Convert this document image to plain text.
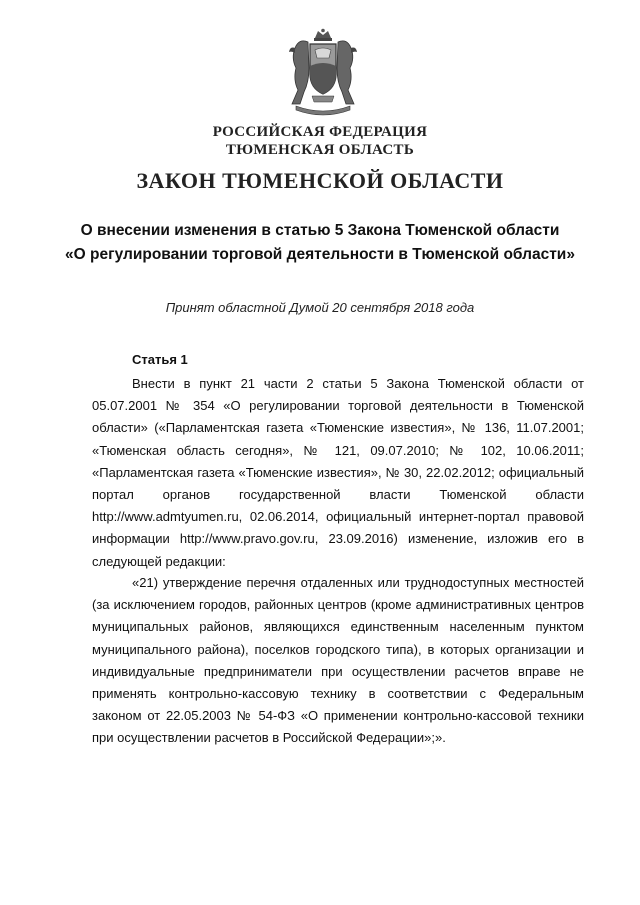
РОССИЙСКАЯ ФЕДЕРАЦИЯ
ТЮМЕНСКАЯ ОБЛАСТЬ
ЗАКОН ТЮМЕНСКОЙ ОБЛАСТИ
О внесении изменения в статью 5 Закона Тюменской области
«О регулировании торговой деятельности в Тюменской области»
Принят областной Думой 20 сентября 2018 года
Статья 1

Внести в пункт 21 части 2 статьи 5 Закона Тюменской области от 05.07.2001 № 354 «О регулировании торговой деятельности в Тюменской области» («Парламентская газета «Тюменские известия», № 136, 11.07.2001; «Тюменская область сегодня», № 121, 09.07.2010; № 102, 10.06.2011; «Парламентская газета «Тюменские известия», № 30, 22.02.2012; официальный портал органов государственной власти Тюменской области http://www.admtyumen.ru, 02.06.2014, официальный интернет-портал правовой информации http://www.pravo.gov.ru, 23.09.2016) изменение, изложив его в следующей редакции:

«21) утверждение перечня отдаленных или труднодоступных местностей (за исключением городов, районных центров (кроме административных центров муниципальных районов, являющихся единственным населенным пунктом муниципального района), поселков городского типа), в которых организации и индивидуальные предприниматели при осуществлении расчетов вправе не применять контрольно-кассовую технику в соответствии с Федеральным законом от 22.05.2003 № 54-ФЗ «О применении контрольно-кассовой техники при осуществлении расчетов в Российской Федерации»;».
